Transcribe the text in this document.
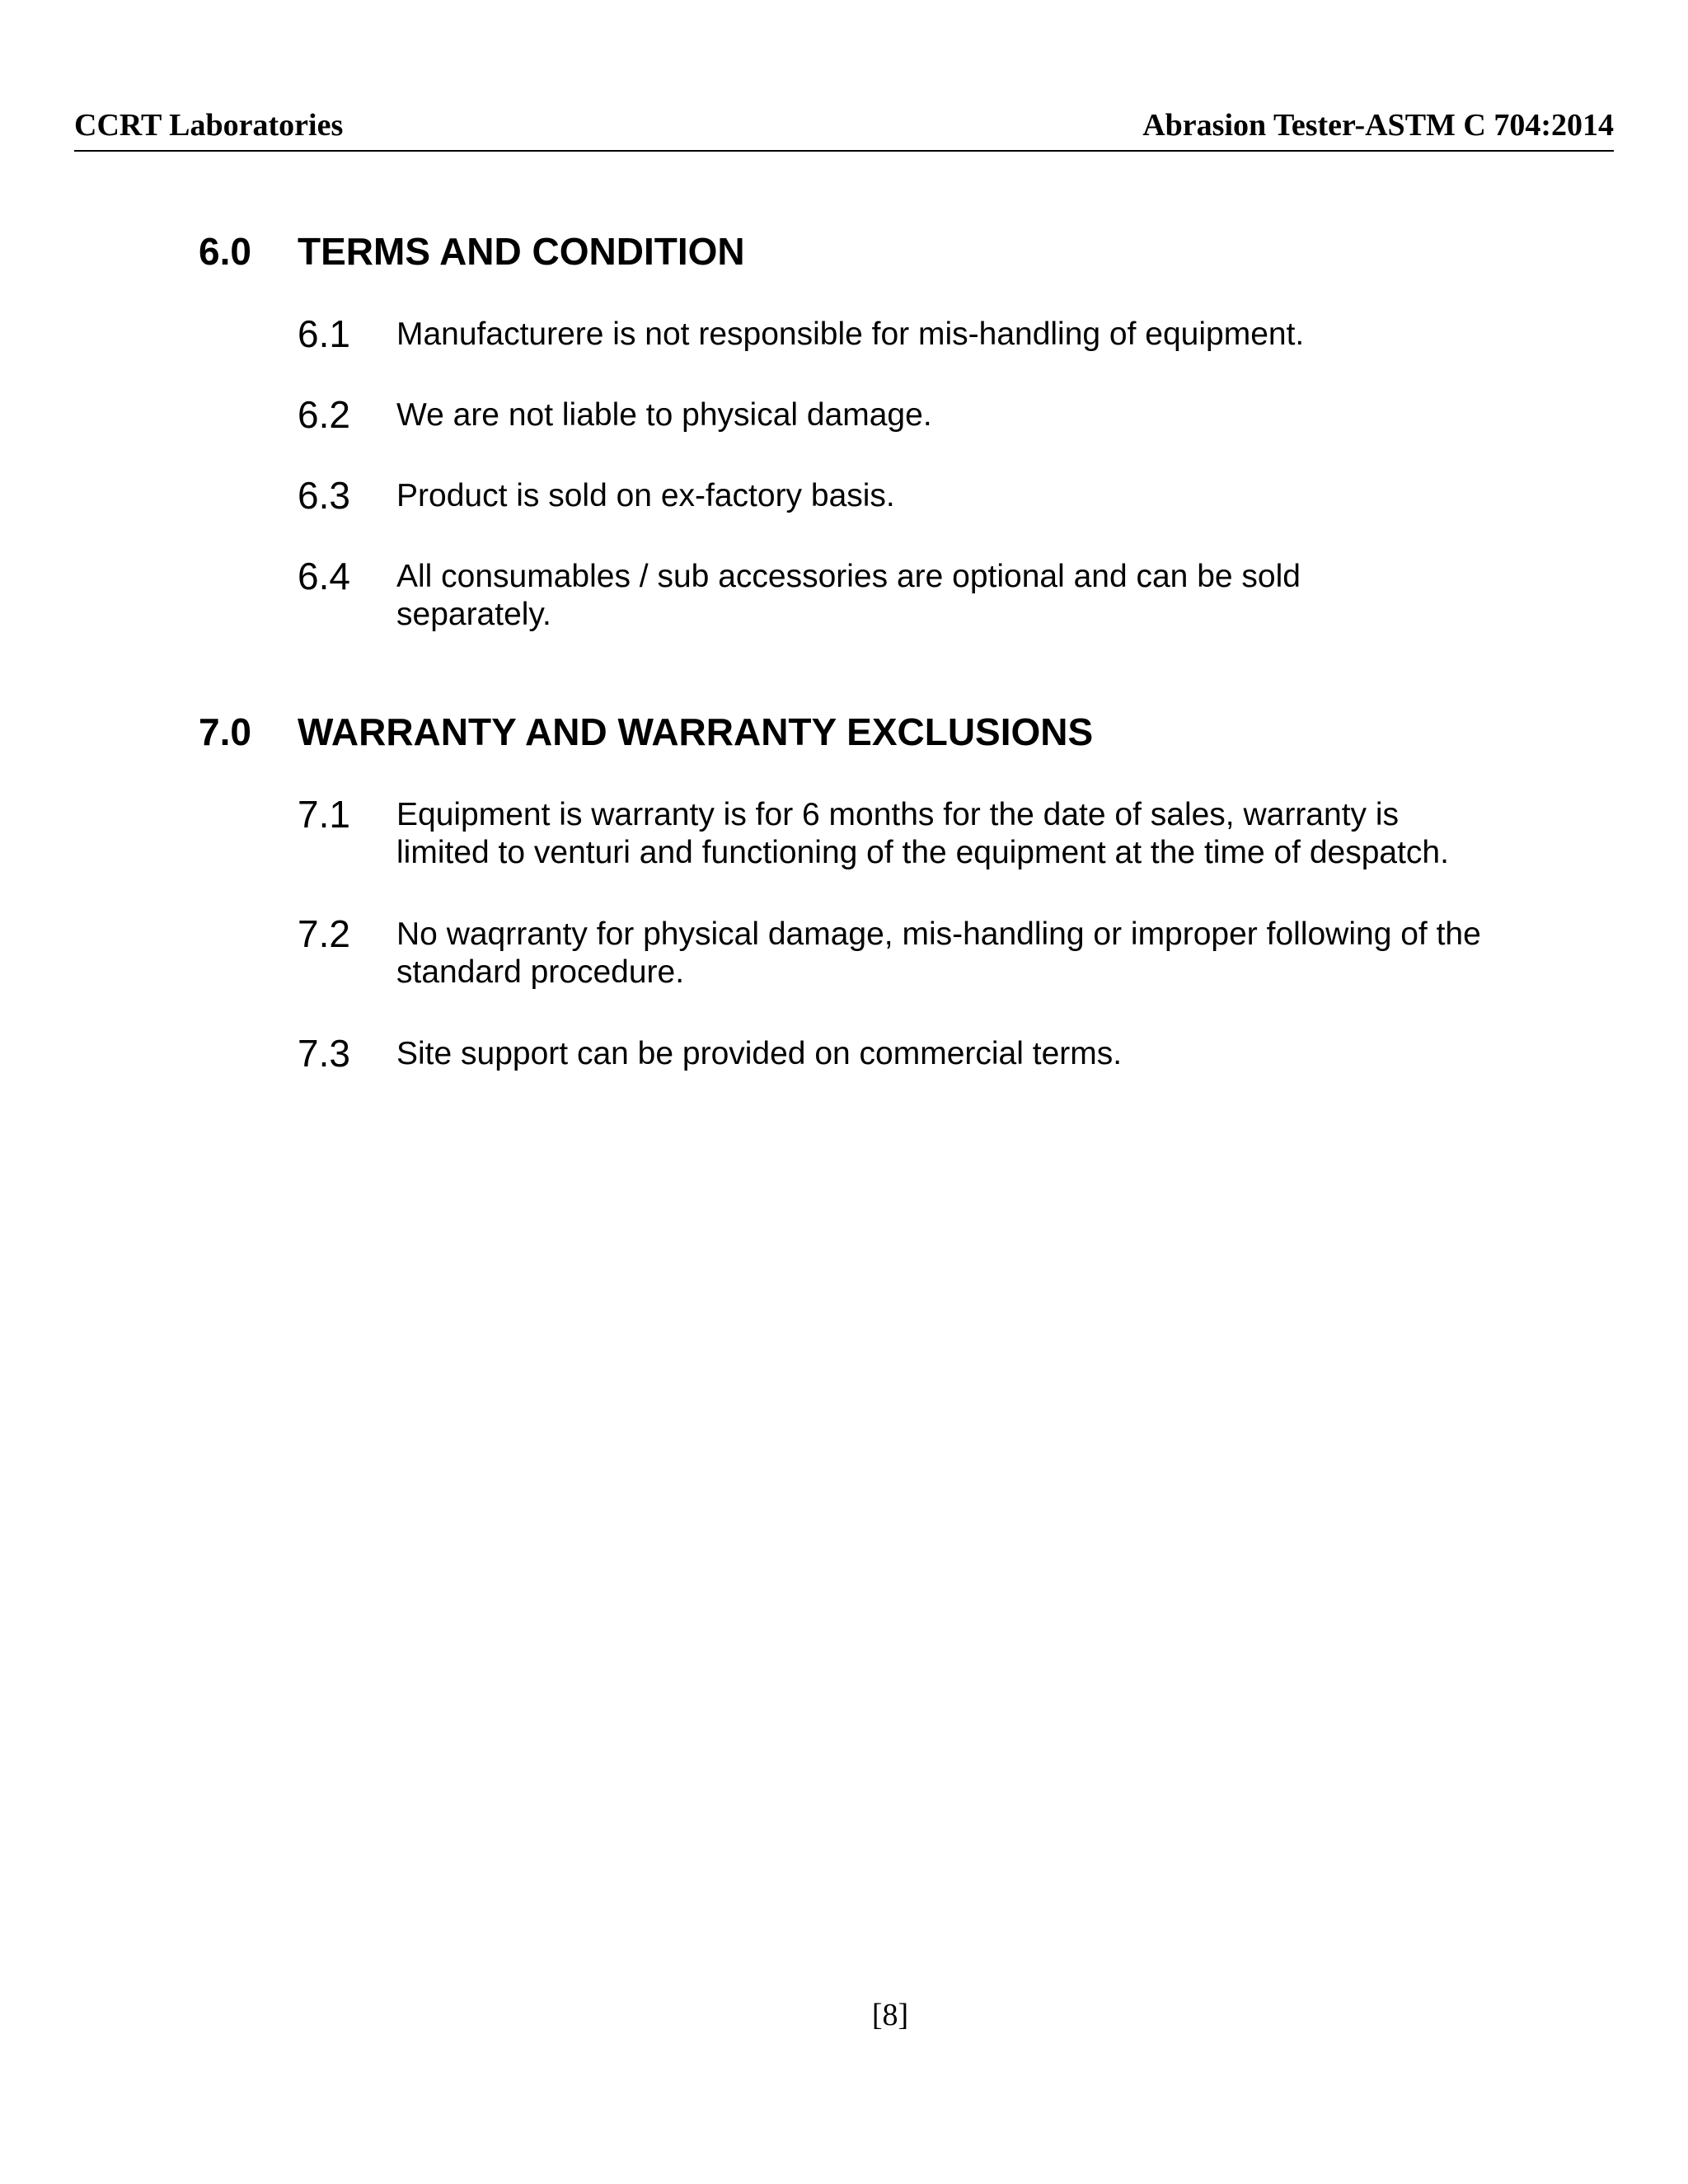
CCRT Laboratories	Abrasion Tester-ASTM C 704:2014
6.0 TERMS AND CONDITION
6.1 Manufacturere is not responsible for mis-handling of equipment.
6.2 We are not liable to physical damage.
6.3 Product is sold on ex-factory basis.
6.4 All consumables / sub accessories are optional and can be sold separately.
7.0 WARRANTY AND WARRANTY EXCLUSIONS
7.1 Equipment is warranty is for 6 months for the date of sales, warranty is limited to venturi and functioning of the equipment at the time of despatch.
7.2 No waqrranty for physical damage, mis-handling or improper following of the standard procedure.
7.3 Site support can be provided on commercial terms.
[8]
